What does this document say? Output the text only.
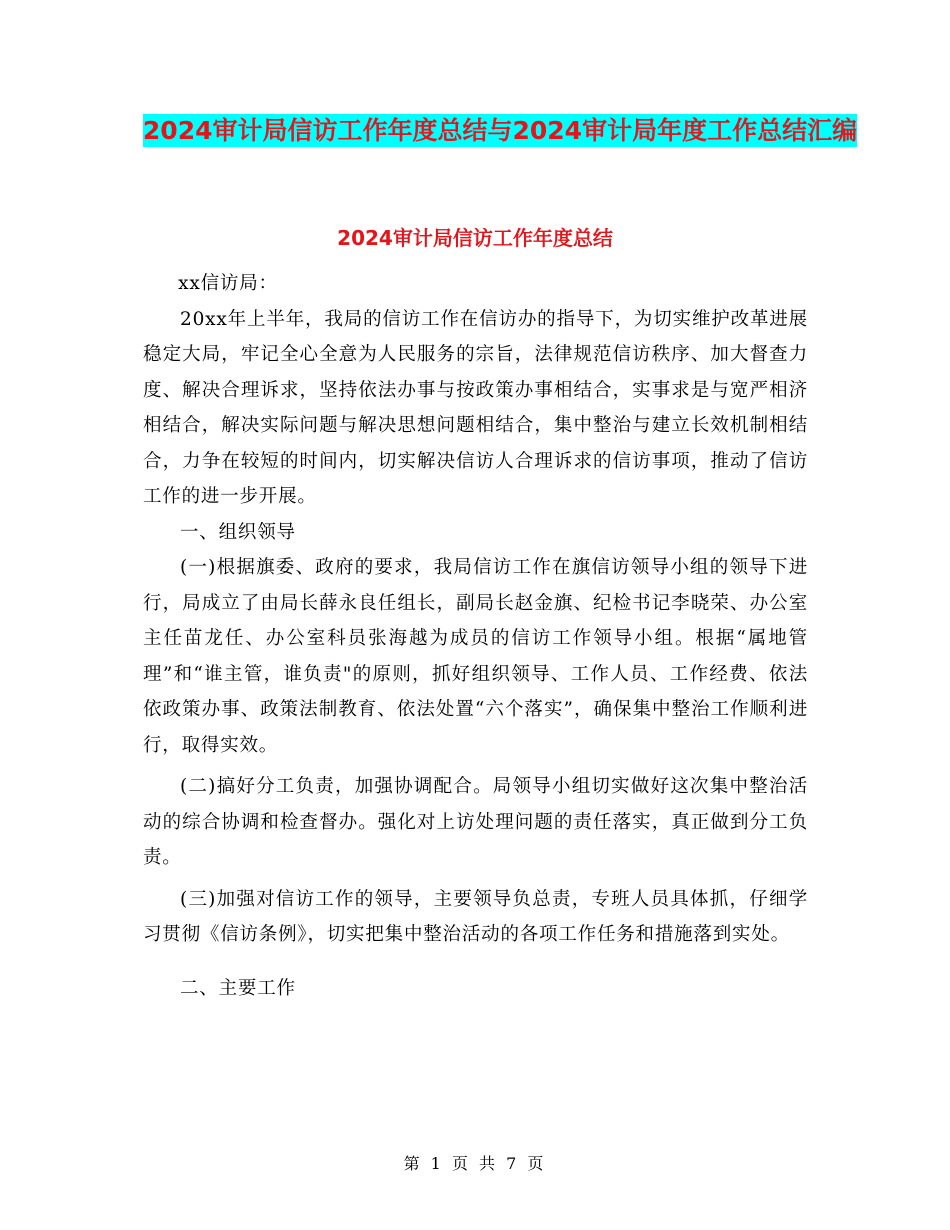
2024审计局信访工作年度总结与2024审计局年度工作总结汇编
2024审计局信访工作年度总结

xx信访局：

20xx年上半年，我局的信访工作在信访办的指导下，为切实维护改革进展稳定大局，牢记全心全意为人民服务的宗旨，法律规范信访秩序、加大督查力度、解决合理诉求，坚持依法办事与按政策办事相结合，实事求是与宽严相济相结合，解决实际问题与解决思想问题相结合，集中整治与建立长效机制相结合，力争在较短的时间内，切实解决信访人合理诉求的信访事项，推动了信访工作的进一步开展。

一、组织领导

(一)根据旗委、政府的要求，我局信访工作在旗信访领导小组的领导下进行，局成立了由局长薛永良任组长，副局长赵金旗、纪检书记李晓荣、办公室主任苗龙任、办公室科员张海越为成员的信访工作领导小组。根据“属地管理”和“谁主管，谁负责"的原则，抓好组织领导、工作人员、工作经费、依法依政策办事、政策法制教育、依法处置“六个落实”，确保集中整治工作顺利进行，取得实效。

(二)搞好分工负责，加强协调配合。局领导小组切实做好这次集中整治活动的综合协调和检查督办。强化对上访处理问题的责任落实，真正做到分工负责。

(三)加强对信访工作的领导，主要领导负总责，专班人员具体抓，仔细学习贯彻《信访条例》，切实把集中整治活动的各项工作任务和措施落到实处。

二、主要工作

第 1 页 共 7 页
